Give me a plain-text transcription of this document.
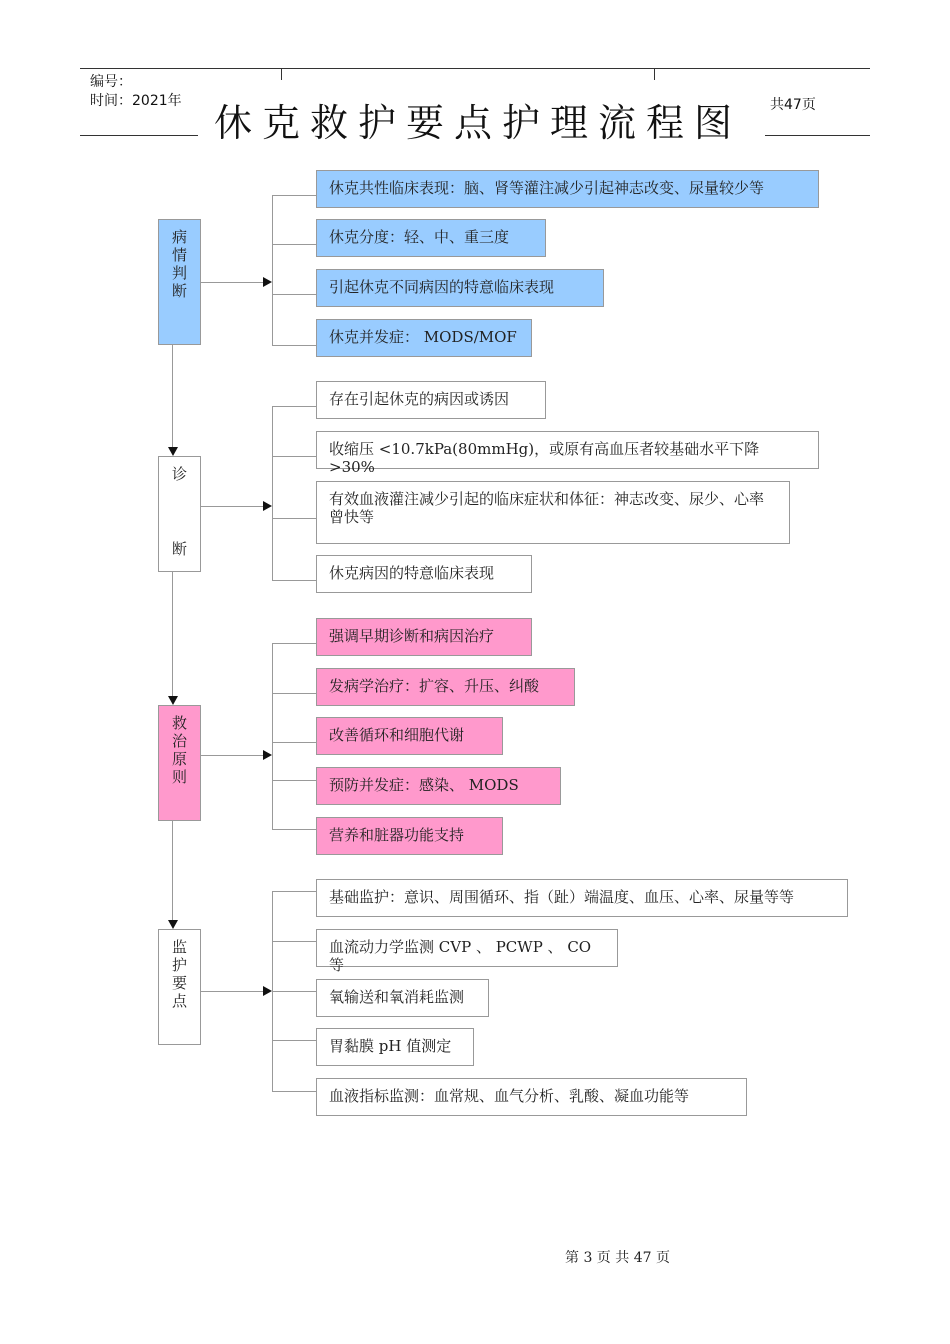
编号：
时间：2021年 休克救护要点护理流程图 共47页
病
情
判
断
休克共性临床表现：脑、肾等灌注减少引起神志改变、尿量较少等
休克分度：轻、中、重三度
引起休克不同病因的特意临床表现
休克并发症： MODS/MOF
诊
断
存在引起休克的病因或诱因
收缩压 <10.7kPa(80mmHg)，或原有高血压者较基础水平下降 >30%
有效血液灌注减少引起的临床症状和体征：神志改变、尿少、心率曾快等
休克病因的特意临床表现
救
治
原
则
强调早期诊断和病因治疗
发病学治疗：扩容、升压、纠酸
改善循环和细胞代谢
预防并发症：感染、 MODS
营养和脏器功能支持
监
护
要
点
基础监护：意识、周围循环、指（趾）端温度、血压、心率、尿量等等
血流动力学监测 CVP 、 PCWP 、 CO 等
氧输送和氧消耗监测
胃黏膜 pH 值测定
血液指标监测：血常规、血气分析、乳酸、凝血功能等
第 3 页 共 47 页
